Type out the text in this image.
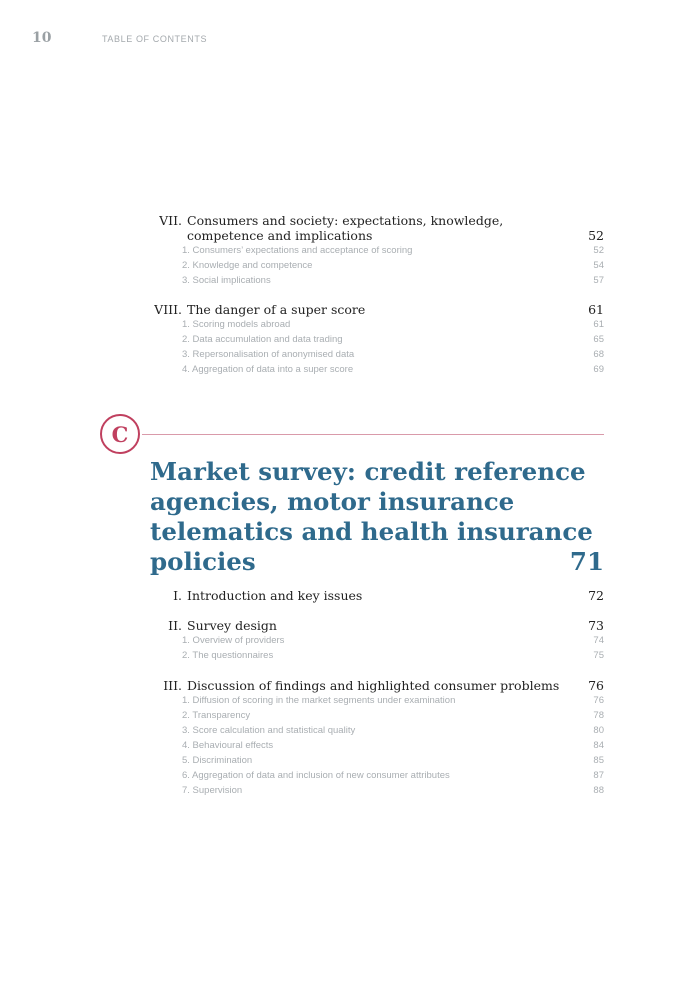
10	TABLE OF CONTENTS
VII. Consumers and society: expectations, knowledge,
competence and implications	52
1. Consumers’ expectations and acceptance of scoring	52
2. Knowledge and competence	54
3. Social implications	57
VIII. The danger of a super score	61
1. Scoring models abroad	61
2. Data accumulation and data trading	65
3. Repersonalisation of anonymised data	68
4. Aggregation of data into a super score	69
C
Market survey: credit reference
agencies, motor insurance
telematics and health insurance
policies	71
I. Introduction and key issues	72
II. Survey design	73
1. Overview of providers	74
2. The questionnaires	75
III. Discussion of findings and highlighted consumer problems	76
1. Diffusion of scoring in the market segments under examination	76
2. Transparency	78
3. Score calculation and statistical quality	80
4. Behavioural effects	84
5. Discrimination	85
6. Aggregation of data and inclusion of new consumer attributes	87
7. Supervision	88
